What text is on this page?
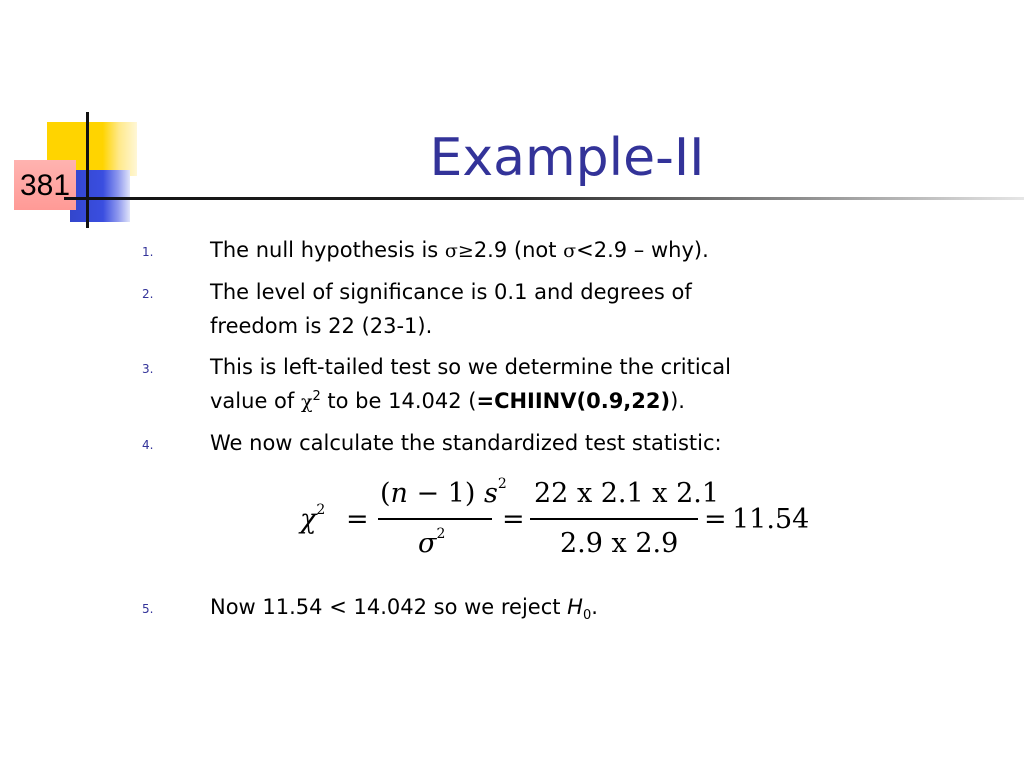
381	Example-II
1.	The null hypothesis is σ≥2.9 (not σ<2.9 – why).
2.	The level of significance is 0.1 and degrees of
freedom is 22 (23-1).
3.	This is left-tailed test so we determine the critical
value of $\chi^2$ to be 14.042 (=CHIINV(0.9,22)).
4.	We now calculate the standardized test statistic:
$\chi^2$ =
(n − 1) $s^2$
$\sigma^2$ =
22 x 2.1 x 2.1
2.9 x 2.9
= 11.54
5.	Now 11.54 < 14.042 so we reject $H_0$.
